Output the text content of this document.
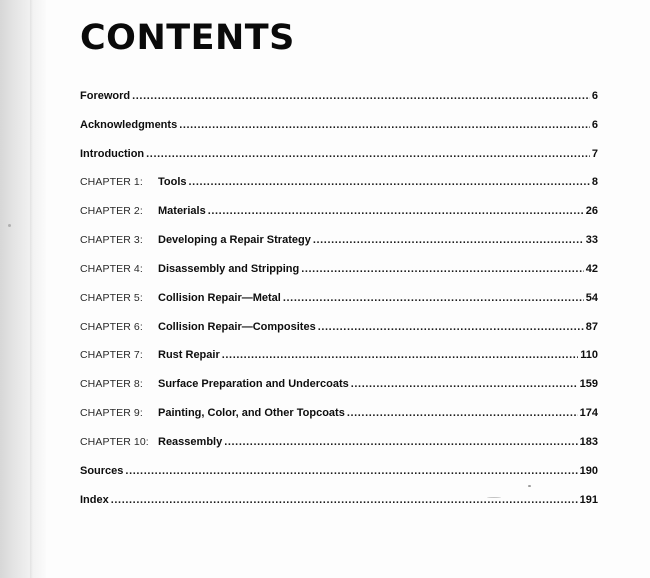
CONTENTS
Foreword .....	6
Acknowledgments .....	6
Introduction .....	7
CHAPTER 1:	Tools .....	8
CHAPTER 2:	Materials .....	26
CHAPTER 3:	Developing a Repair Strategy .....	33
CHAPTER 4:	Disassembly and Stripping .....	42
CHAPTER 5:	Collision Repair—Metal .....	54
CHAPTER 6:	Collision Repair—Composites .....	87
CHAPTER 7:	Rust Repair .....	110
CHAPTER 8:	Surface Preparation and Undercoats .....	159
CHAPTER 9:	Painting, Color, and Other Topcoats .....	174
CHAPTER 10: Reassembly .....	183
Sources .....	190
Index .....	191
